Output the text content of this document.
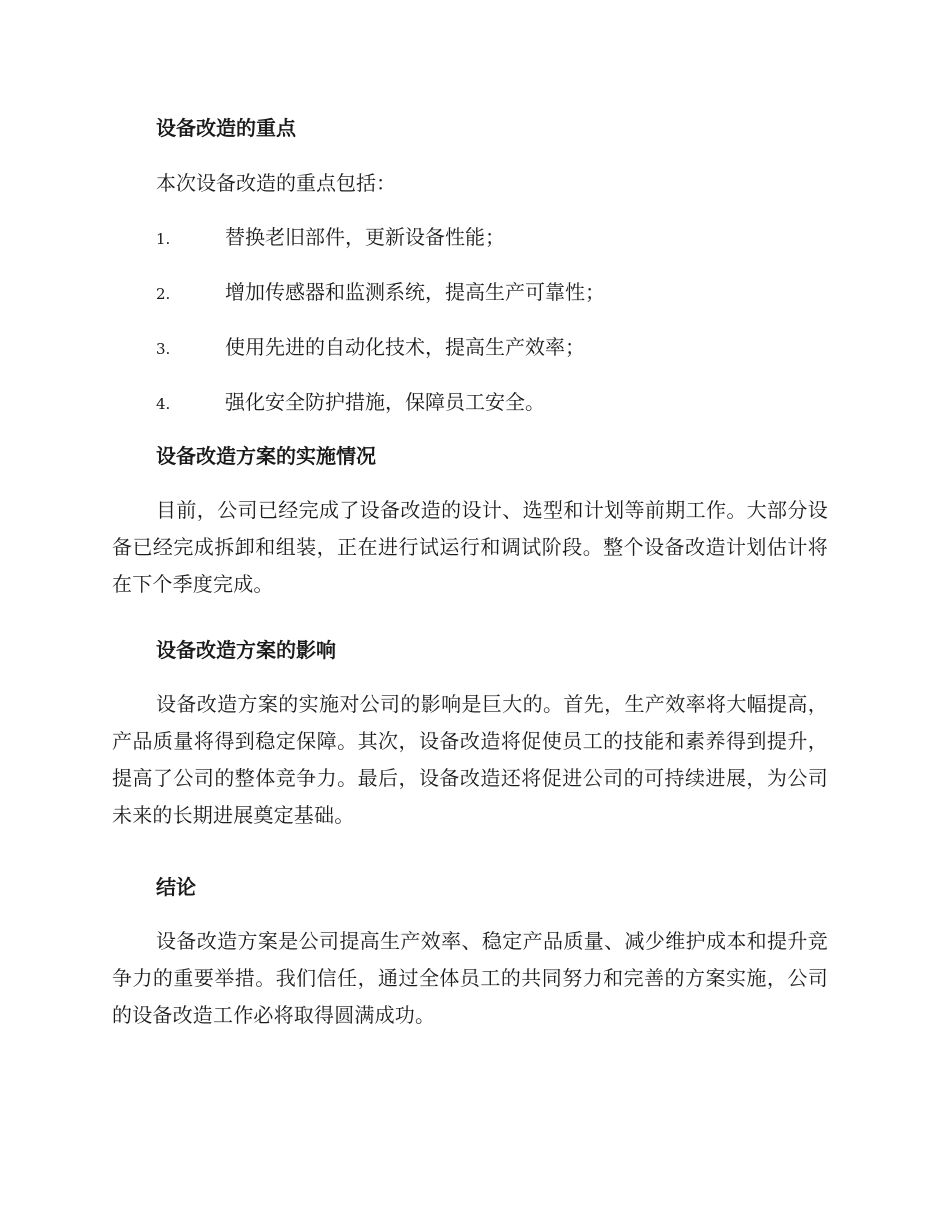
设备改造的重点
本次设备改造的重点包括：
1.	替换老旧部件，更新设备性能；
2.	增加传感器和监测系统，提高生产可靠性；
3.	使用先进的自动化技术，提高生产效率；
4.	强化安全防护措施，保障员工安全。
设备改造方案的实施情况
目前，公司已经完成了设备改造的设计、选型和计划等前期工作。大部分设备已经完成拆卸和组装，正在进行试运行和调试阶段。整个设备改造计划估计将在下个季度完成。
设备改造方案的影响
设备改造方案的实施对公司的影响是巨大的。首先，生产效率将大幅提高，产品质量将得到稳定保障。其次，设备改造将促使员工的技能和素养得到提升，提高了公司的整体竞争力。最后，设备改造还将促进公司的可持续进展，为公司未来的长期进展奠定基础。
结论
设备改造方案是公司提高生产效率、稳定产品质量、减少维护成本和提升竞争力的重要举措。我们信任，通过全体员工的共同努力和完善的方案实施，公司的设备改造工作必将取得圆满成功。
